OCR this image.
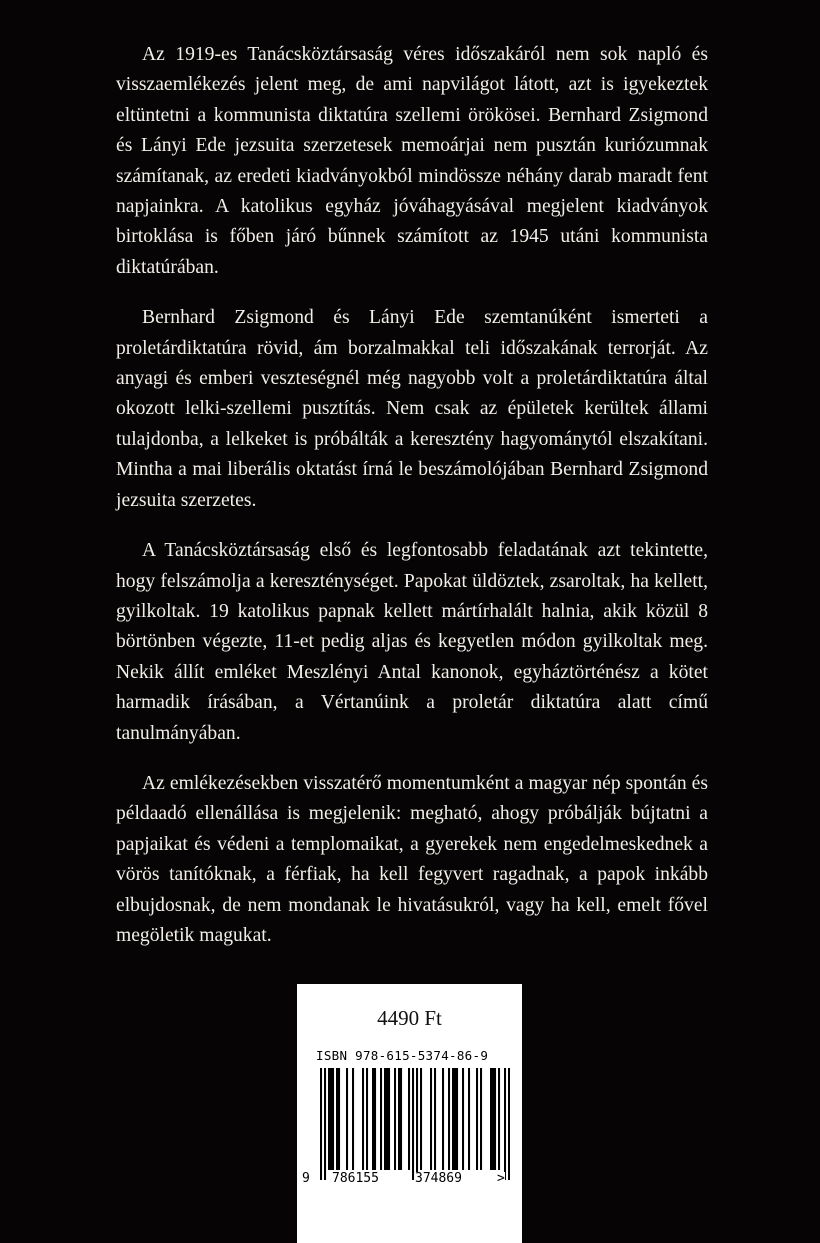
Az 1919-es Tanácsköztársaság véres időszakáról nem sok napló és visszaemlékezés jelent meg, de ami napvilágot látott, azt is igyekeztek eltüntetni a kommunista diktatúra szellemi örökösei. Bernhard Zsigmond és Lányi Ede jezsuita szerzetesek memoárjai nem pusztán kuriózumnak számítanak, az eredeti kiadványokból mindössze néhány darab maradt fent napjainkra. A katolikus egyház jóváhagyásával megjelent kiadványok birtoklása is főben járó bűnnek számított az 1945 utáni kommunista diktatúrában.

Bernhard Zsigmond és Lányi Ede szemtanúként ismerteti a proletárdiktatúra rövid, ám borzalmakkal teli időszakának terrorját. Az anyagi és emberi veszteségnél még nagyobb volt a proletárdiktatúra által okozott lelki-szellemi pusztítás. Nem csak az épületek kerültek állami tulajdonba, a lelkeket is próbálták a keresztény hagyománytól elszakítani. Mintha a mai liberális oktatást írná le beszámolójában Bernhard Zsigmond jezsuita szerzetes.

A Tanácsköztársaság első és legfontosabb feladatának azt tekintette, hogy felszámolja a kereszténységet. Papokat üldöztek, zsaroltak, ha kellett, gyilkoltak. 19 katolikus papnak kellett mártírhalált halnia, akik közül 8 börtönben végezte, 11-et pedig aljas és kegyetlen módon gyilkoltak meg. Nekik állít emléket Meszlényi Antal kanonok, egyháztörténész a kötet harmadik írásában, a Vértanúink a proletár diktatúra alatt című tanulmányában.

Az emlékezésekben visszatérő momentumként a magyar nép spontán és példaadó ellenállása is megjelenik: megható, ahogy próbálják bújtatni a papjaikat és védeni a templomaikat, a gyerekek nem engedelmeskednek a vörös tanítóknak, a férfiak, ha kell fegyvert ragadnak, a papok inkább elbujdosnak, de nem mondanak le hivatásukról, vagy ha kell, emelt fővel megöletik magukat.

4490 Ft
ISBN 978-615-5374-86-9
9 786155	374869	>
